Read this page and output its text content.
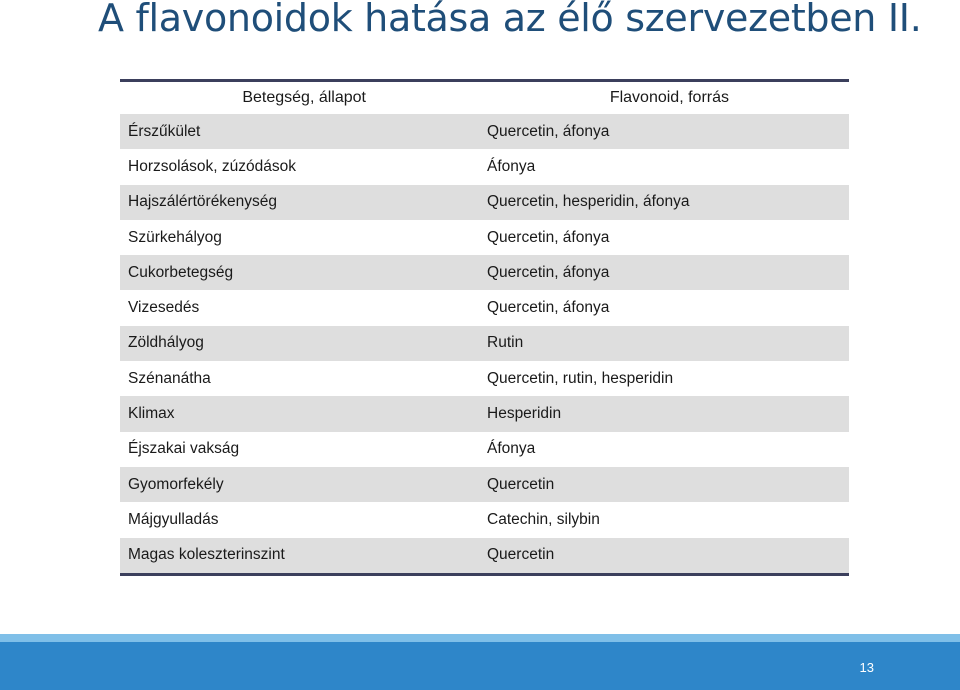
A flavonoidok hatása az élő szervezetben II.
Betegség, állapot	Flavonoid, forrás
Érszűkület	Quercetin, áfonya
Horzsolások, zúzódások	Áfonya
Hajszálértörékenység	Quercetin, hesperidin, áfonya
Szürkehályog	Quercetin, áfonya
Cukorbetegség	Quercetin, áfonya
Vizesedés	Quercetin, áfonya
Zöldhályog	Rutin
Szénanátha	Quercetin, rutin, hesperidin
Klimax	Hesperidin
Éjszakai vakság	Áfonya
Gyomorfekély	Quercetin
Májgyulladás	Catechin, silybin
Magas koleszterinszint	Quercetin
13
